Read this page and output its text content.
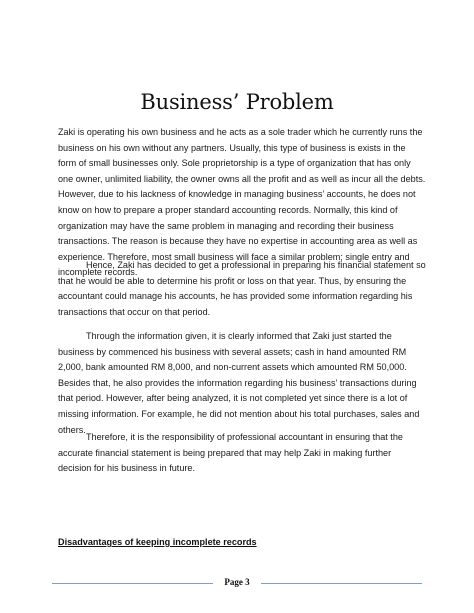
Business’ Problem

Zaki is operating his own business and he acts as a sole trader which he currently runs the business on his own without any partners. Usually, this type of business is exists in the form of small businesses only. Sole proprietorship is a type of organization that has only one owner, unlimited liability, the owner owns all the profit and as well as incur all the debts. However, due to his lackness of knowledge in managing business’ accounts, he does not know on how to prepare a proper standard accounting records. Normally, this kind of organization may have the same problem in managing and recording their business transactions. The reason is because they have no expertise in accounting area as well as experience. Therefore, most small business will face a similar problem; single entry and incomplete records.

Hence, Zaki has decided to get a professional in preparing his financial statement so that he would be able to determine his profit or loss on that year. Thus, by ensuring the accountant could manage his accounts, he has provided some information regarding his transactions that occur on that period.

Through the information given, it is clearly informed that Zaki just started the business by commenced his business with several assets; cash in hand amounted RM 2,000, bank amounted RM 8,000, and non-current assets which amounted RM 50,000. Besides that, he also provides the information regarding his business’ transactions during that period. However, after being analyzed, it is not completed yet since there is a lot of missing information. For example, he did not mention about his total purchases, sales and others.

Therefore, it is the responsibility of professional accountant in ensuring that the accurate financial statement is being prepared that may help Zaki in making further decision for his business in future.

Disadvantages of keeping incomplete records
Page 3
